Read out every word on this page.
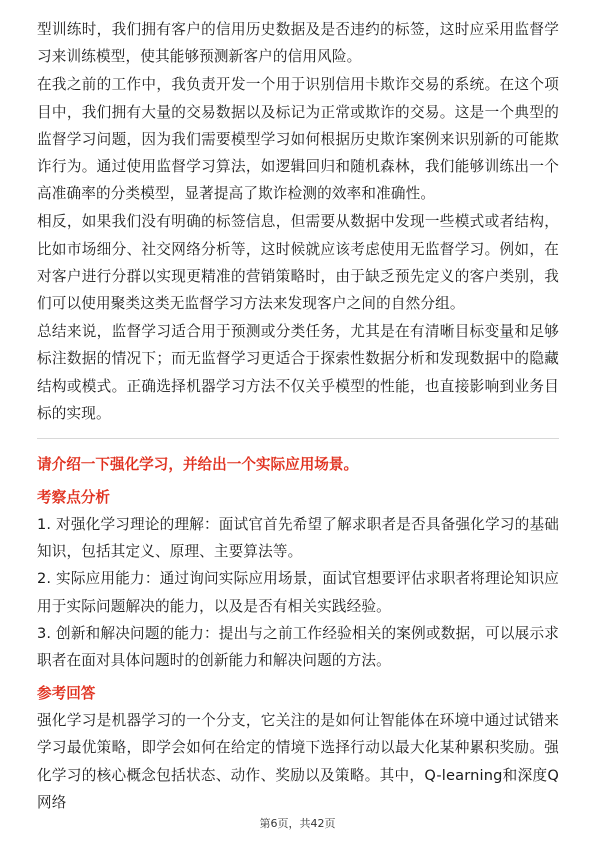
型训练时，我们拥有客户的信用历史数据及是否违约的标签，这时应采用监督学习来训练模型，使其能够预测新客户的信用风险。

在我之前的工作中，我负责开发一个用于识别信用卡欺诈交易的系统。在这个项目中，我们拥有大量的交易数据以及标记为正常或欺诈的交易。这是一个典型的监督学习问题，因为我们需要模型学习如何根据历史欺诈案例来识别新的可能欺诈行为。通过使用监督学习算法，如逻辑回归和随机森林，我们能够训练出一个高准确率的分类模型，显著提高了欺诈检测的效率和准确性。

相反，如果我们没有明确的标签信息，但需要从数据中发现一些模式或者结构，比如市场细分、社交网络分析等，这时候就应该考虑使用无监督学习。例如，在对客户进行分群以实现更精准的营销策略时，由于缺乏预先定义的客户类别，我们可以使用聚类这类无监督学习方法来发现客户之间的自然分组。

总结来说，监督学习适合用于预测或分类任务，尤其是在有清晰目标变量和足够标注数据的情况下；而无监督学习更适合于探索性数据分析和发现数据中的隐藏结构或模式。正确选择机器学习方法不仅关乎模型的性能，也直接影响到业务目标的实现。

请介绍一下强化学习，并给出一个实际应用场景。

考察点分析

1. 对强化学习理论的理解：面试官首先希望了解求职者是否具备强化学习的基础知识，包括其定义、原理、主要算法等。

2. 实际应用能力：通过询问实际应用场景，面试官想要评估求职者将理论知识应用于实际问题解决的能力，以及是否有相关实践经验。

3. 创新和解决问题的能力：提出与之前工作经验相关的案例或数据，可以展示求职者在面对具体问题时的创新能力和解决问题的方法。

参考回答

强化学习是机器学习的一个分支，它关注的是如何让智能体在环境中通过试错来学习最优策略，即学会如何在给定的情境下选择行动以最大化某种累积奖励。强化学习的核心概念包括状态、动作、奖励以及策略。其中，Q-learning和深度Q网络

第6页，共42页
